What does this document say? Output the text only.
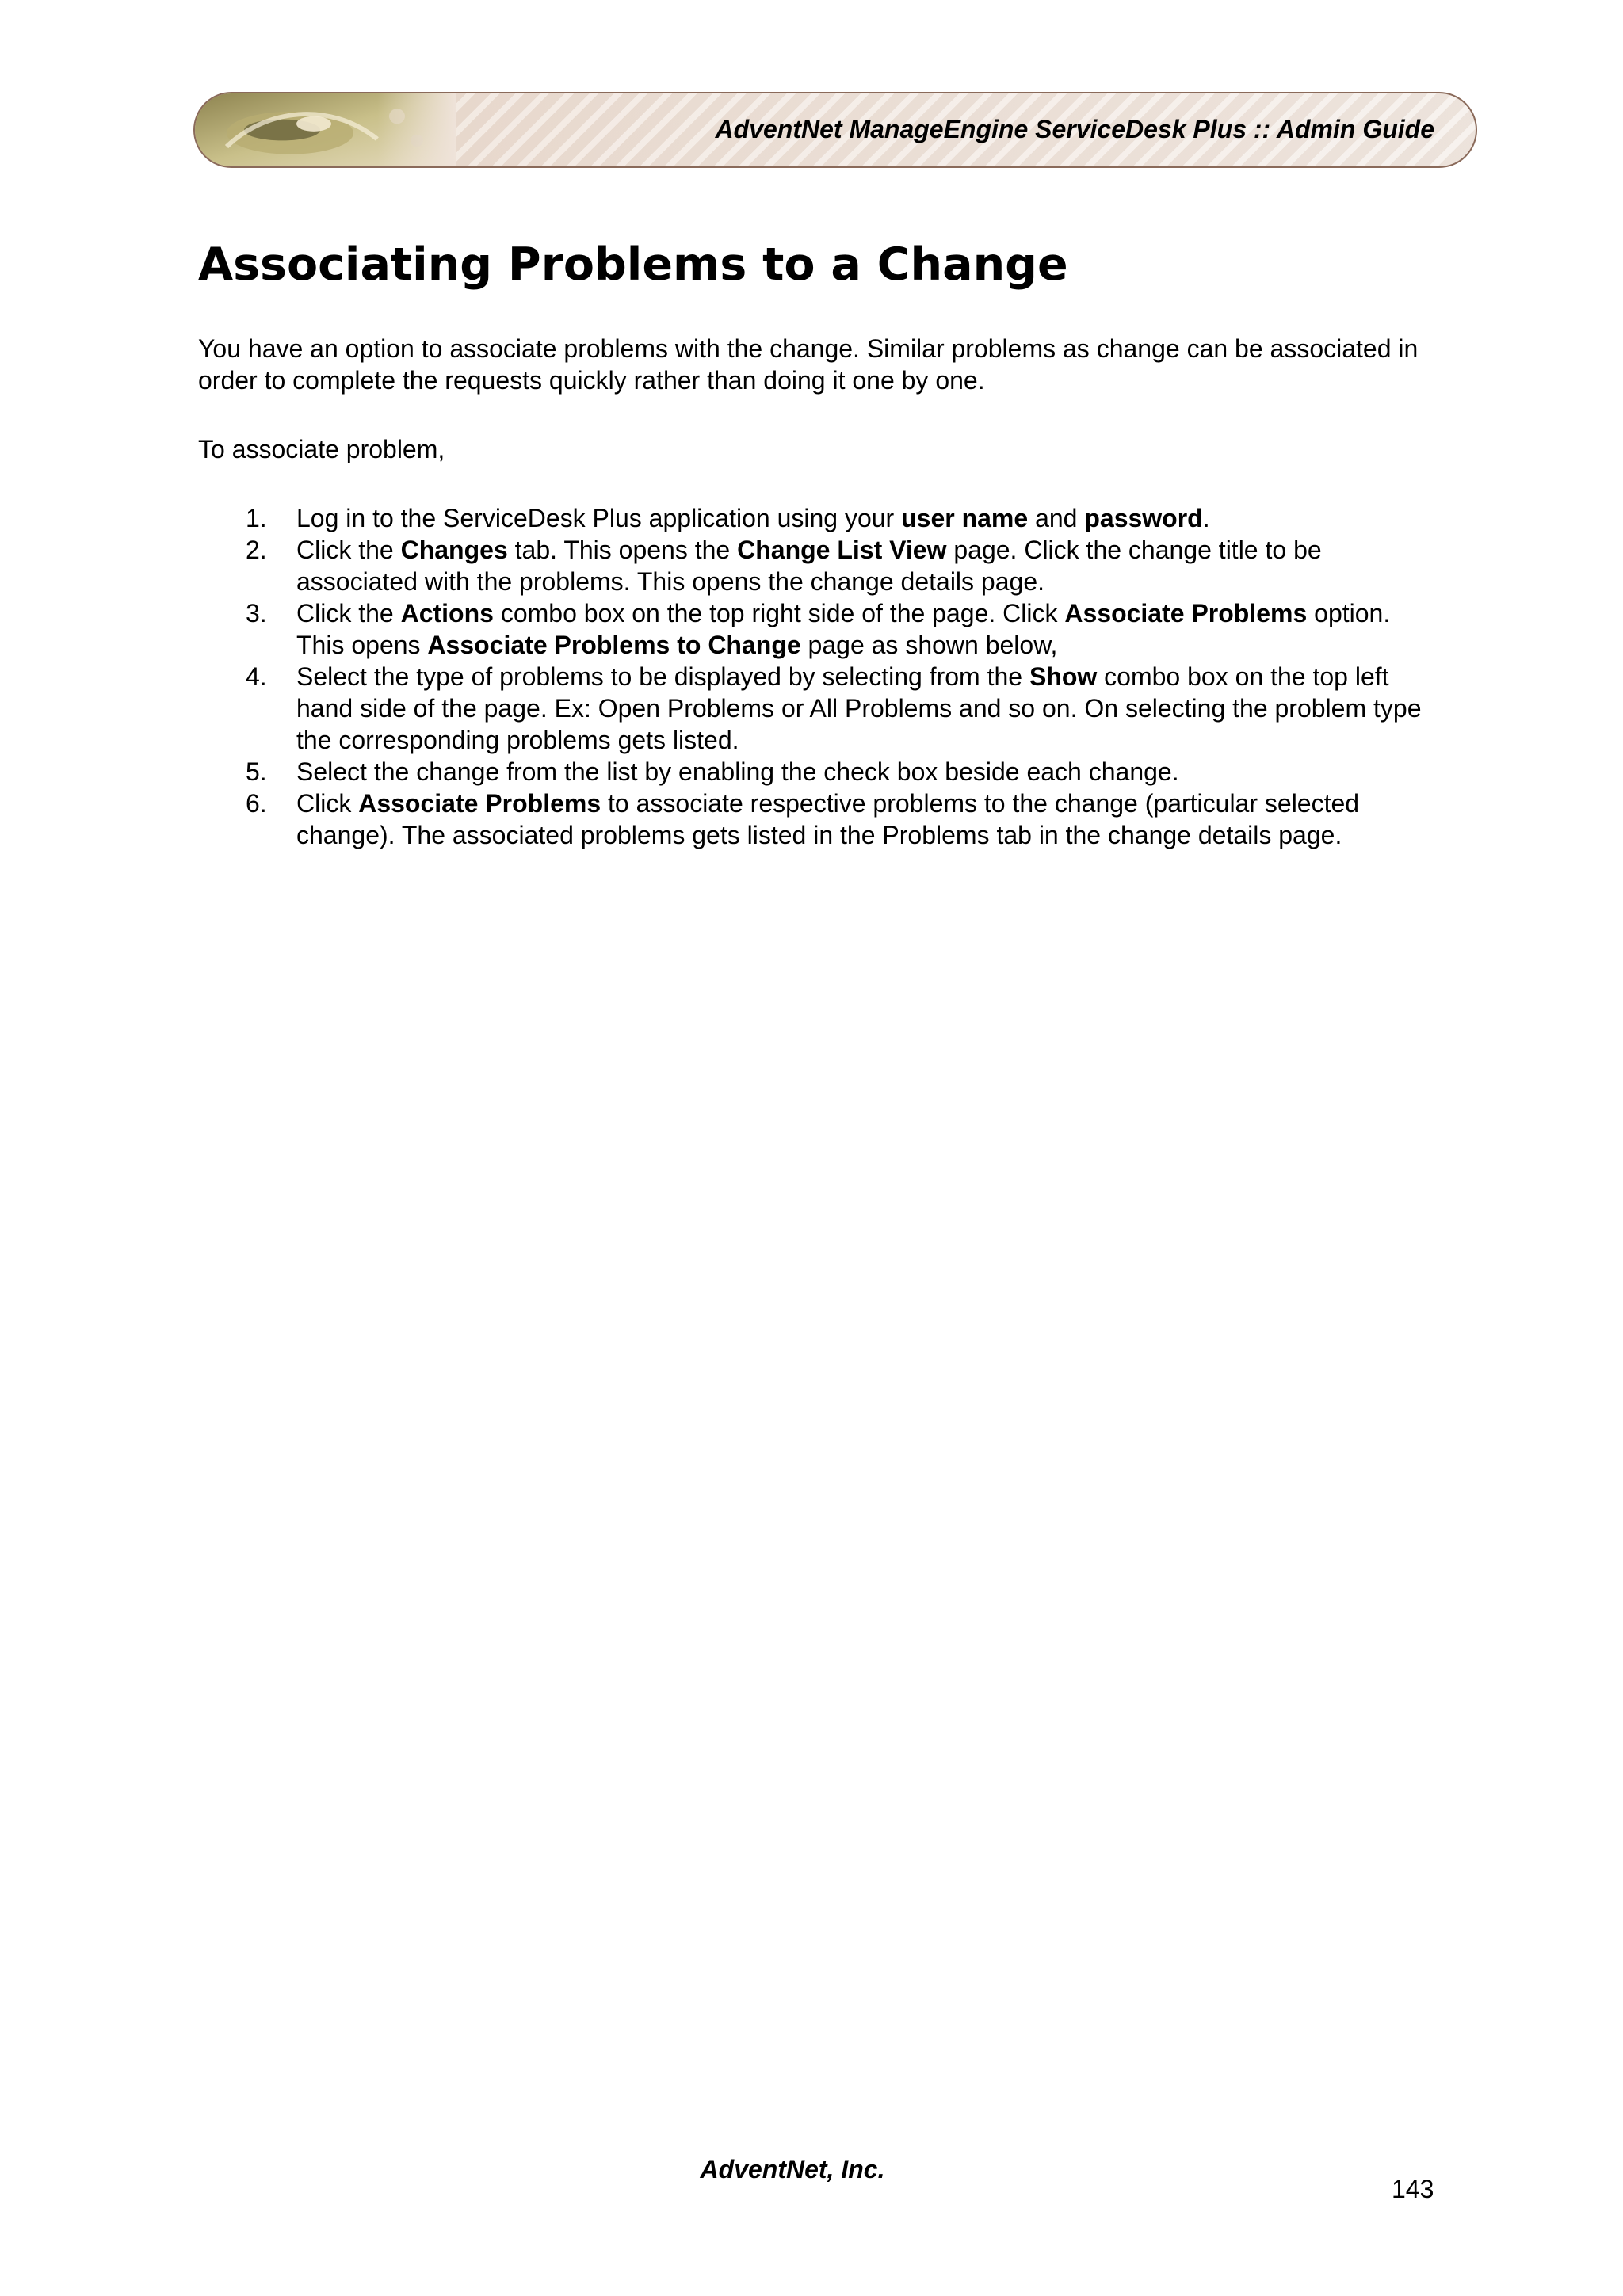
AdventNet ManageEngine ServiceDesk Plus :: Admin Guide
Associating Problems to a Change

You have an option to associate problems with the change. Similar problems as change can be associated in order to complete the requests quickly rather than doing it one by one.

To associate problem,

1. Log in to the ServiceDesk Plus application using your user name and password.
2. Click the Changes tab. This opens the Change List View page. Click the change title to be associated with the problems. This opens the change details page.
3. Click the Actions combo box on the top right side of the page. Click Associate Problems option. This opens Associate Problems to Change page as shown below,
4. Select the type of problems to be displayed by selecting from the Show combo box on the top left hand side of the page. Ex: Open Problems or All Problems and so on. On selecting the problem type the corresponding problems gets listed.
5. Select the change from the list by enabling the check box beside each change.
6. Click Associate Problems to associate respective problems to the change (particular selected change). The associated problems gets listed in the Problems tab in the change details page.
AdventNet, Inc.
143
